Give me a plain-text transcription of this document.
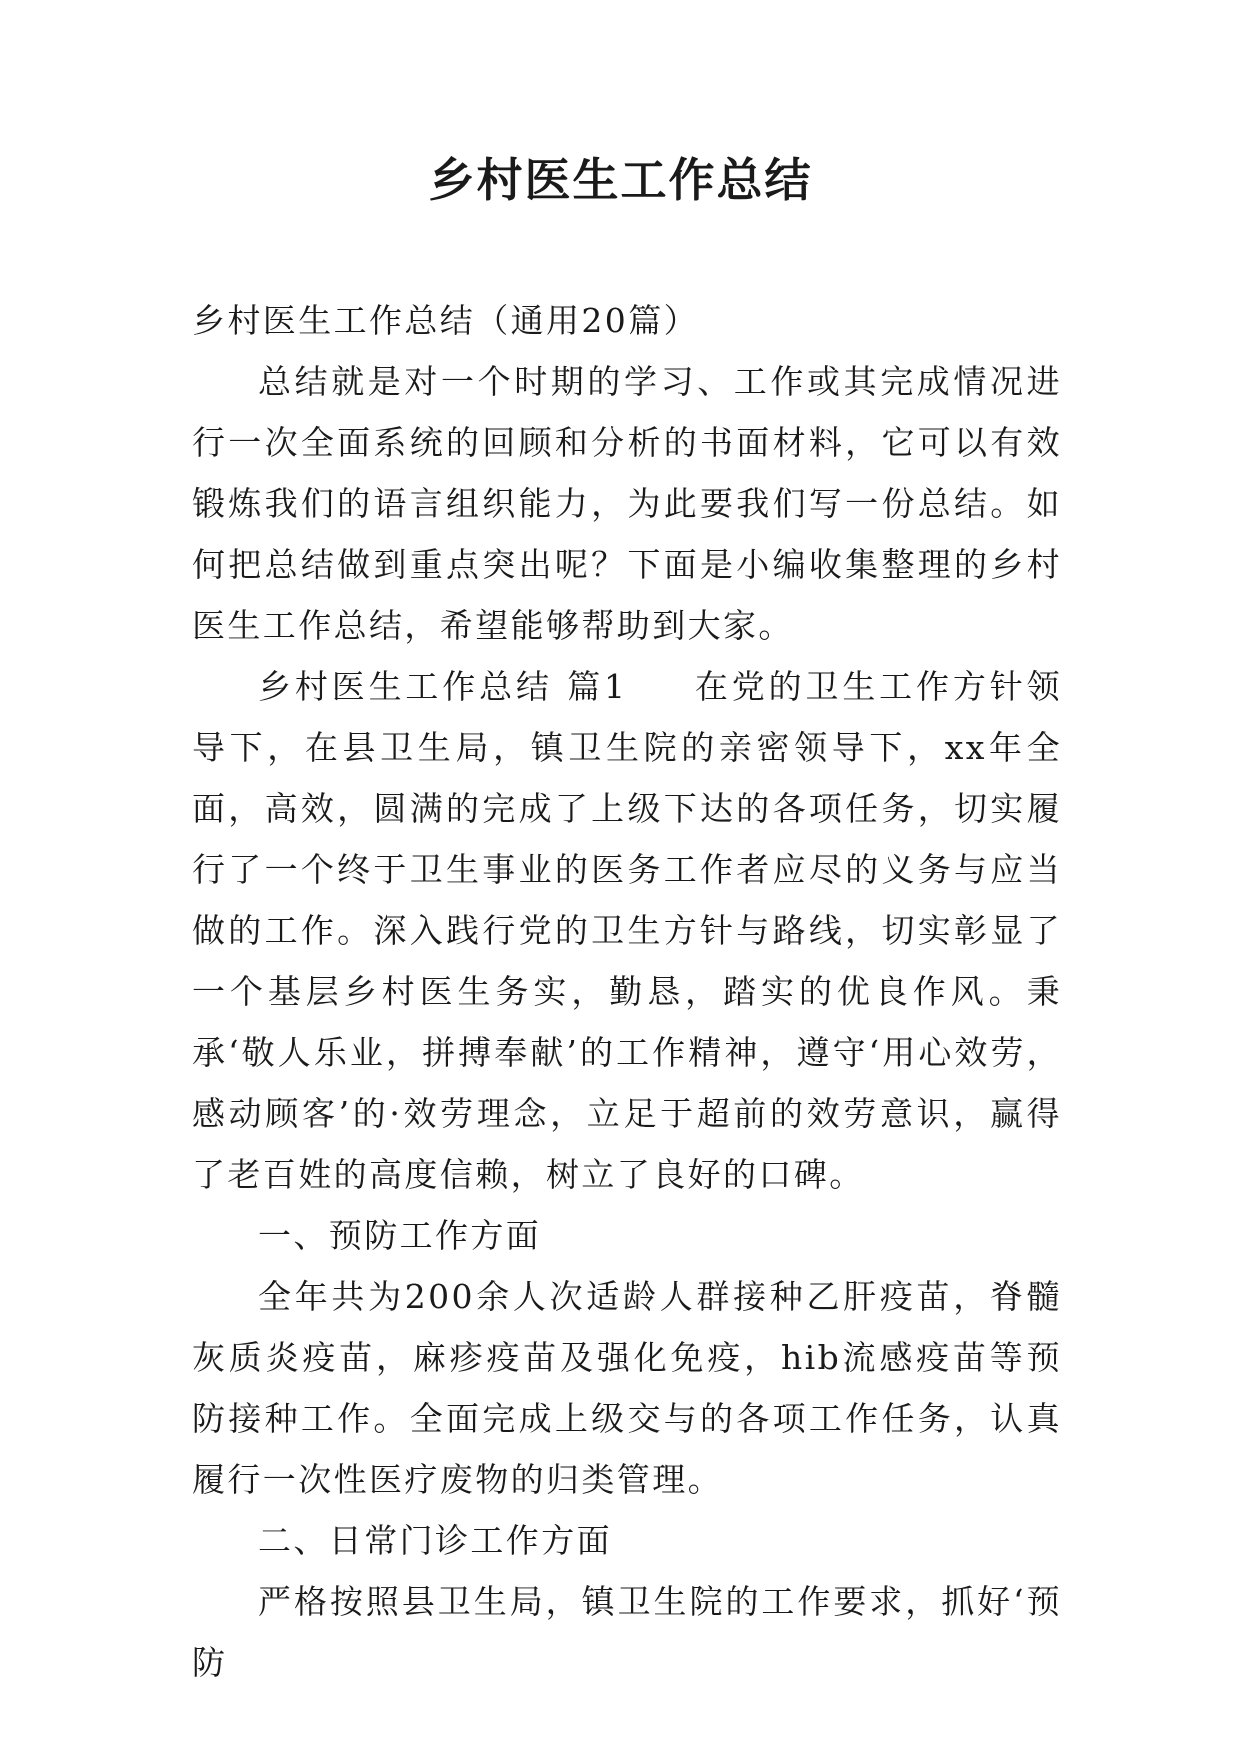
乡村医生工作总结

乡村医生工作总结（通用20篇）

总结就是对一个时期的学习、工作或其完成情况进行一次全面系统的回顾和分析的书面材料，它可以有效锻炼我们的语言组织能力，为此要我们写一份总结。如何把总结做到重点突出呢？下面是小编收集整理的乡村医生工作总结，希望能够帮助到大家。

乡村医生工作总结 篇1 在党的卫生工作方针领导下，在县卫生局，镇卫生院的亲密领导下，xx年全面，高效，圆满的完成了上级下达的各项任务，切实履行了一个终于卫生事业的医务工作者应尽的义务与应当做的工作。深入践行党的卫生方针与路线，切实彰显了一个基层乡村医生务实，勤恳，踏实的优良作风。秉承‘敬人乐业，拼搏奉献’的工作精神，遵守‘用心效劳，感动顾客’的·效劳理念，立足于超前的效劳意识，赢得了老百姓的高度信赖，树立了良好的口碑。

一、预防工作方面

全年共为200余人次适龄人群接种乙肝疫苗，脊髓灰质炎疫苗，麻疹疫苗及强化免疫，hib流感疫苗等预防接种工作。全面完成上级交与的各项工作任务，认真履行一次性医疗废物的归类管理。

二、日常门诊工作方面

严格按照县卫生局，镇卫生院的工作要求，抓好‘预防
